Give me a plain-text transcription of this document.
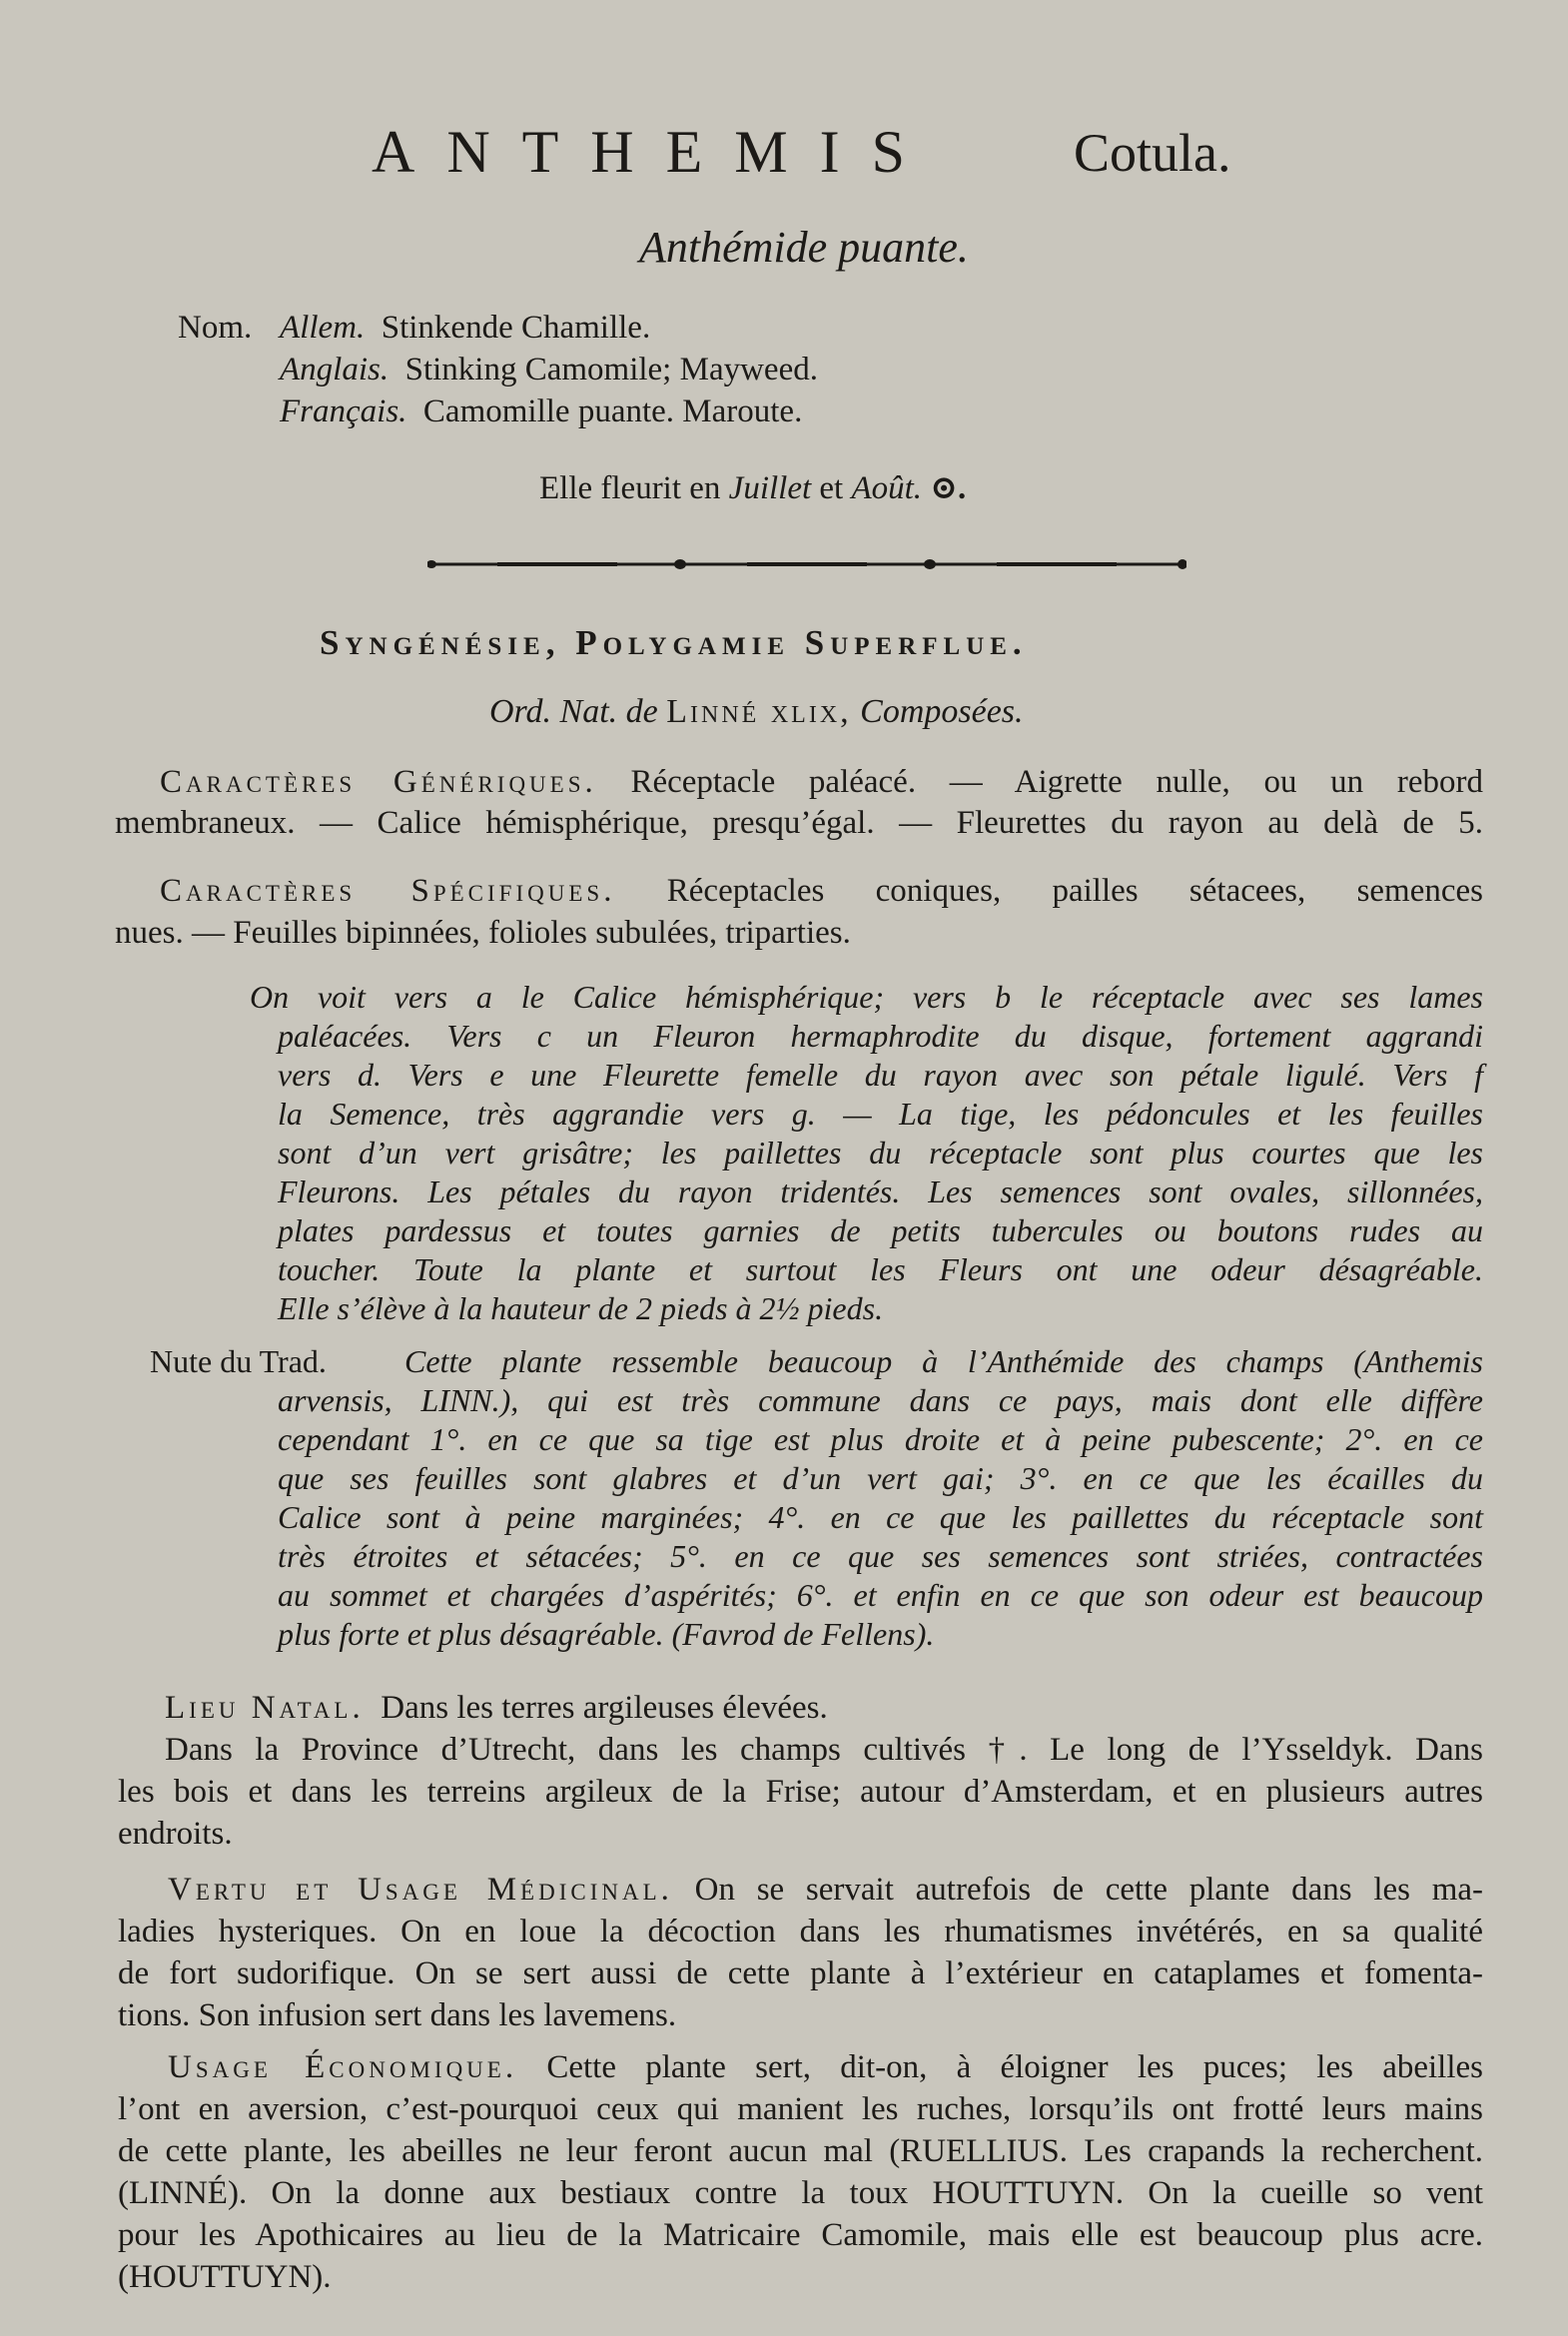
ANTHEMIS	Cotula.
Anthémide puante.
Nom. Allem. Stinkende Chamille.
Anglais. Stinking Camomile; Mayweed.
Français. Camomille puante. Maroute.
Elle fleurit en Juillet et Août. ⊙.
Syngénésie, Polygamie Superflue.
Ord. Nat. de Linné xlix, Composées.
Caractères Génériques. Réceptacle paléacé. — Aigrette nulle, ou un rebord
membraneux. — Calice hémisphérique, presqu’égal. — Fleurettes du rayon au delà de 5.
Caractères Spécifiques. Réceptacles coniques, pailles sétacees, semences
nues. — Feuilles bipinnées, folioles subulées, triparties.
On voit vers a le Calice hémisphérique; vers b le réceptacle avec ses lames
paléacées. Vers c un Fleuron hermaphrodite du disque, fortement aggrandi
vers d. Vers e une Fleurette femelle du rayon avec son pétale ligulé. Vers f
la Semence, très aggrandie vers g. — La tige, les pédoncules et les feuilles
sont d’un vert grisâtre; les paillettes du réceptacle sont plus courtes que les
Fleurons. Les pétales du rayon tridentés. Les semences sont ovales, sillonnées,
plates pardessus et toutes garnies de petits tubercules ou boutons rudes au
toucher. Toute la plante et surtout les Fleurs ont une odeur désagréable.
Elle s’élève à la hauteur de 2 pieds à 2½ pieds.
Nute du Trad. Cette plante ressemble beaucoup à l’Anthémide des champs (Anthemis
arvensis, LINN.), qui est très commune dans ce pays, mais dont elle diffère
cependant 1°. en ce que sa tige est plus droite et à peine pubescente; 2°. en ce
que ses feuilles sont glabres et d’un vert gai; 3°. en ce que les écailles du
Calice sont à peine marginées; 4°. en ce que les paillettes du réceptacle sont
très étroites et sétacées; 5°. en ce que ses semences sont striées, contractées
au sommet et chargées d’aspérités; 6°. et enfin en ce que son odeur est beaucoup
plus forte et plus désagréable. (Favrod de Fellens).
Lieu Natal. Dans les terres argileuses élevées.
Dans la Province d’Utrecht, dans les champs cultivés †. Le long de l’Ysseldyk. Dans
les bois et dans les terreins argileux de la Frise; autour d’Amsterdam, et en plusieurs autres
endroits.
Vertu et Usage Médicinal. On se servait autrefois de cette plante dans les ma-
ladies hysteriques. On en loue la décoction dans les rhumatismes invétérés, en sa qualité
de fort sudorifique. On se sert aussi de cette plante à l’extérieur en cataplames et fomenta-
tions. Son infusion sert dans les lavemens.
Usage Économique. Cette plante sert, dit-on, à éloigner les puces; les abeilles
l’ont en aversion, c’est-pourquoi ceux qui manient les ruches, lorsqu’ils ont frotté leurs mains
de cette plante, les abeilles ne leur feront aucun mal (RUELLIUS. Les crapands la recherchent.
(LINNÉ). On la donne aux bestiaux contre la toux HOUTTUYN. On la cueille so vent
pour les Apothicaires au lieu de la Matricaire Camomile, mais elle est beaucoup plus acre.
(HOUTTUYN).
